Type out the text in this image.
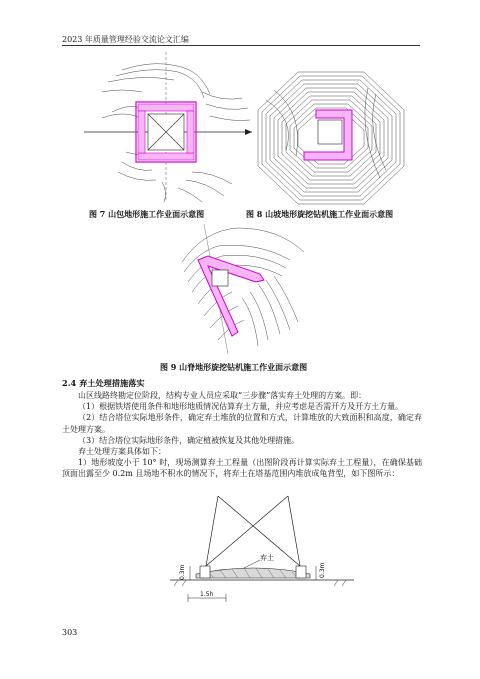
2023 年质量管理经验交流论文汇编
图 7 山包地形施工作业面示意图	图 8 山坡地形旋挖钻机施工作业面示意图
图 9 山脊地形旋挖钻机施工作业面示意图
2.4 弃土处理措施落实

山区线路终勘定位阶段，结构专业人员应采取“三步骤”落实弃土处理的方案。即：

（1）根据铁塔使用条件和地形地质情况估算弃土方量，并应考虑是否需开方及开方土方量。

（2）结合塔位实际地形条件，确定弃土堆放的位置和方式，计算堆放的大致面积和高度，确定弃土处理方案。

（3）结合塔位实际地形条件，确定植被恢复及其他处理措施。

弃土处理方案具体如下：

1）地形坡度小于 10° 时，现场测算弃土工程量（出图阶段再计算实际弃土工程量），在确保基础顶面出露至少 0.2m 且场地不积水的情况下，将弃土在塔基范围内堆放成龟背型，如下图所示：

弃土
0.3m	0.3m
1.5h
303
